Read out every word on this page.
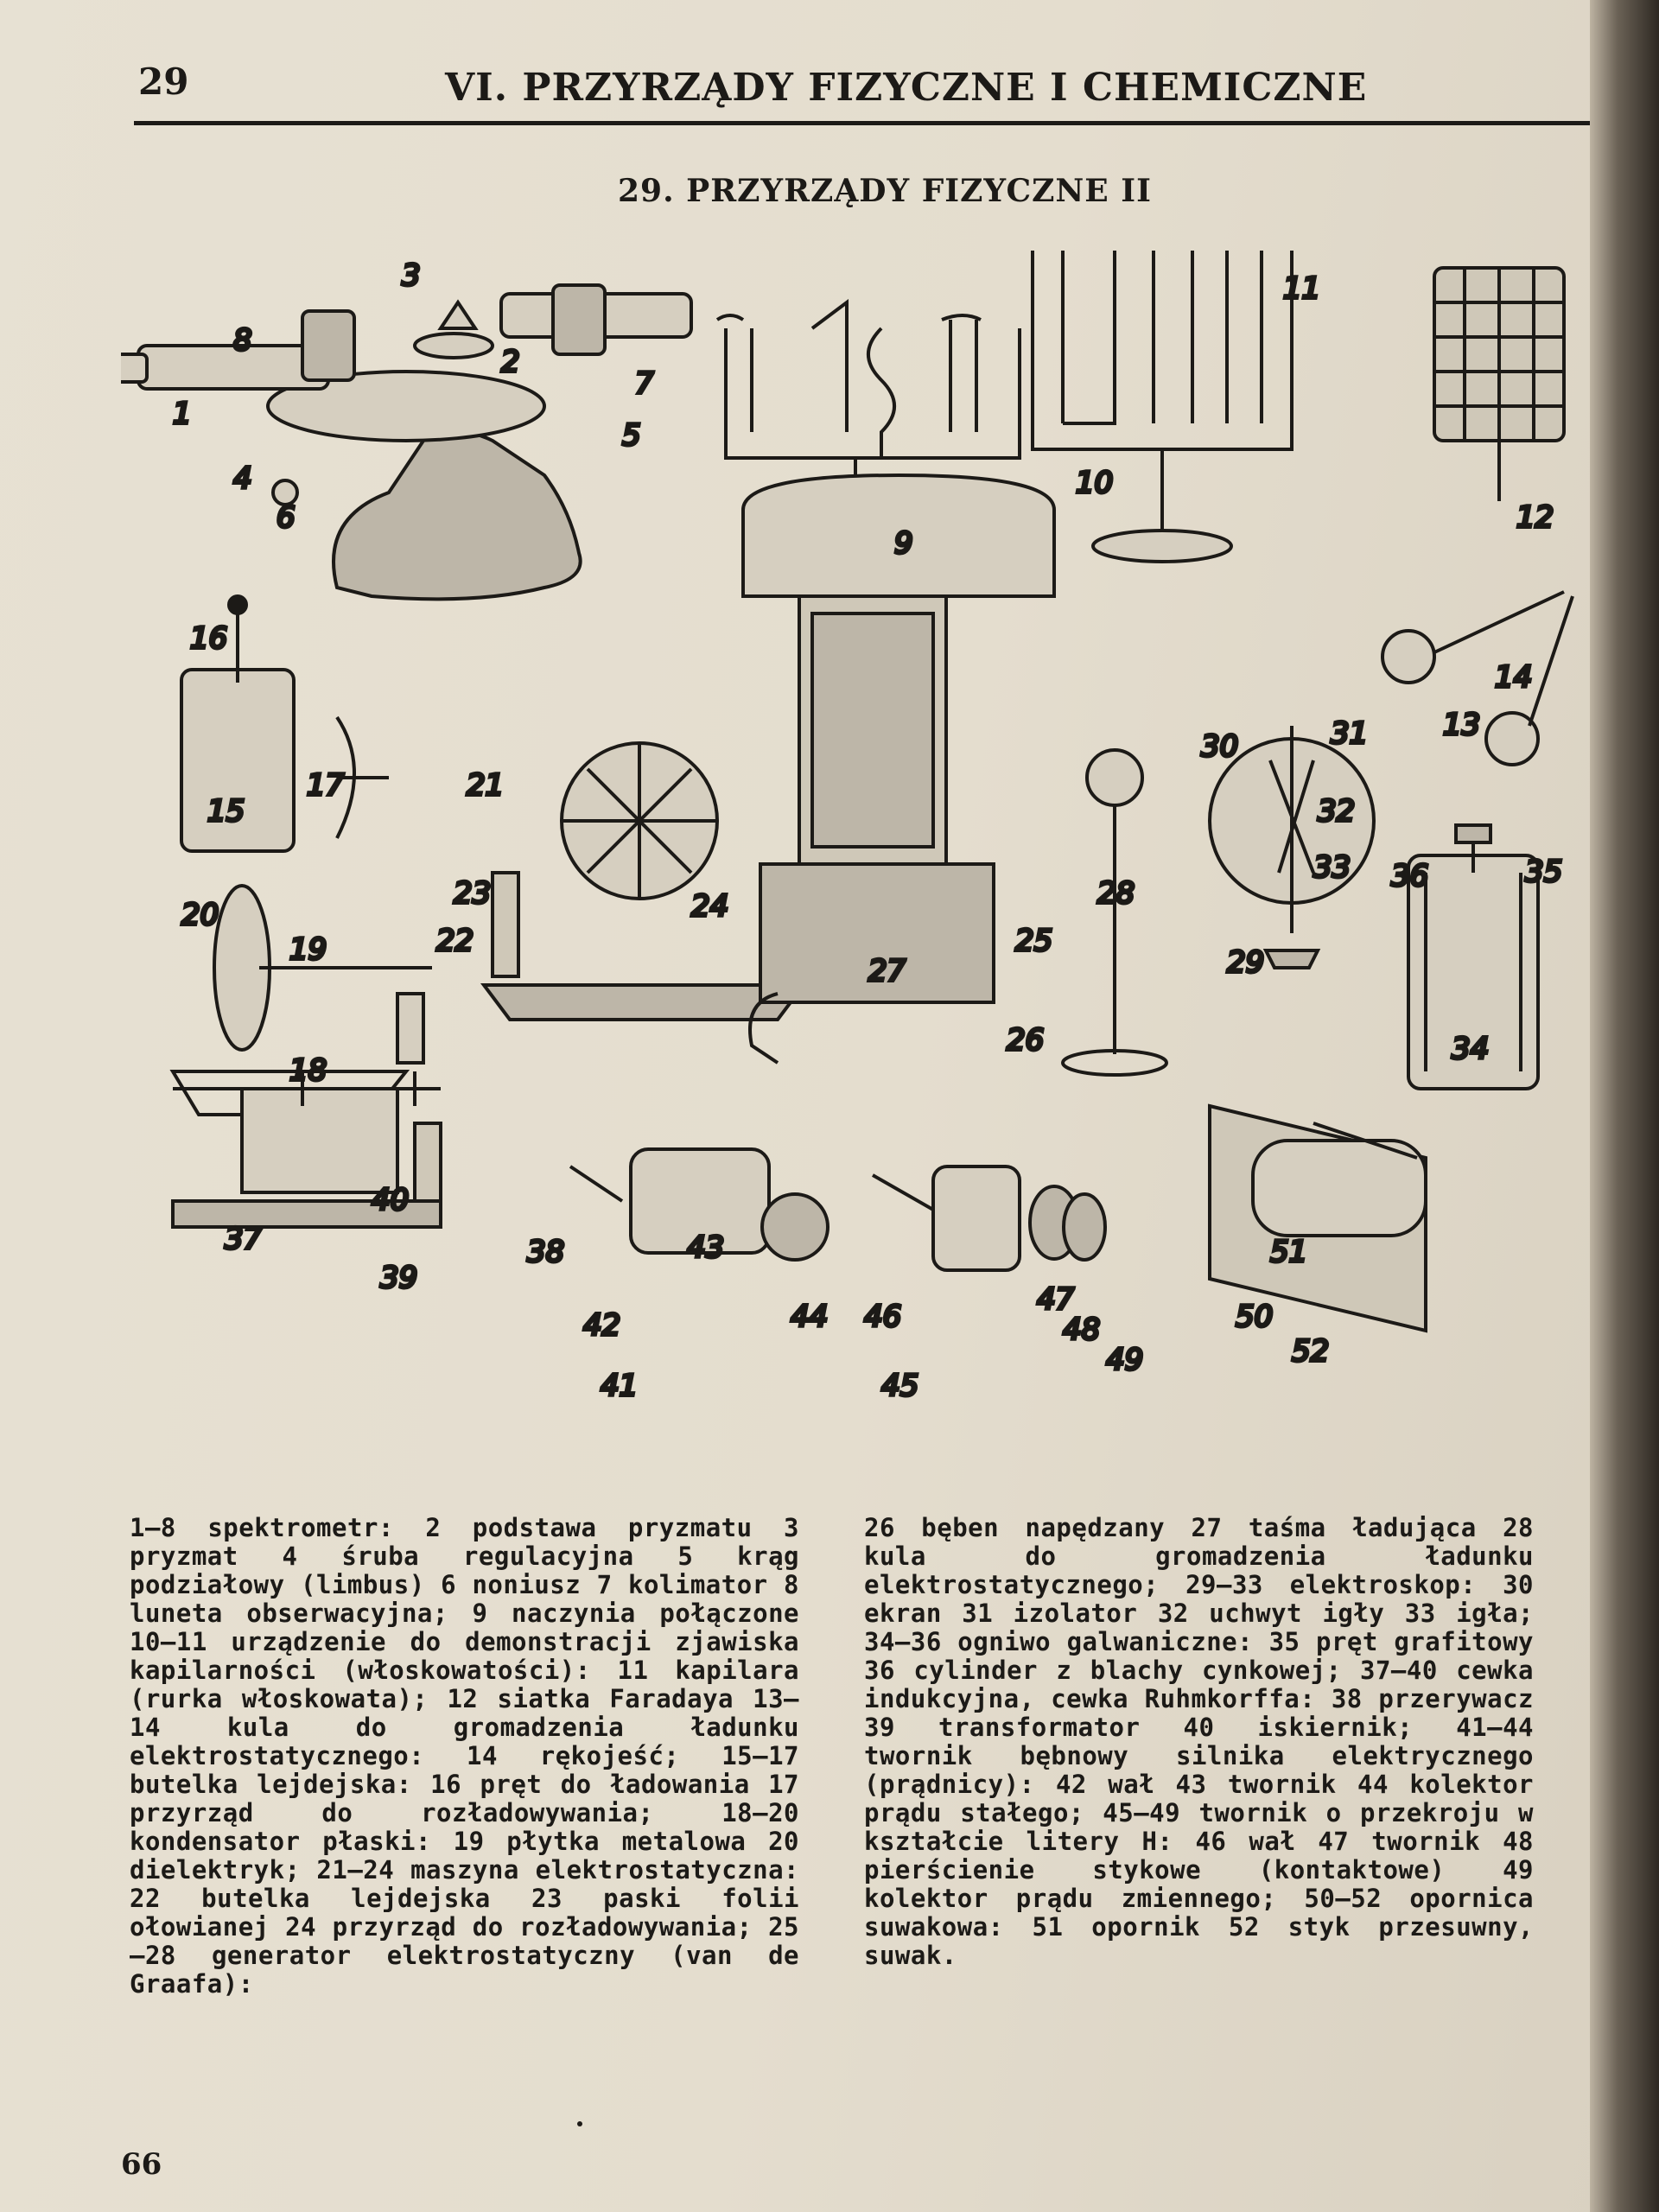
29	VI. PRZYRZĄDY FIZYCZNE I CHEMICZNE
29. PRZYRZĄDY FIZYCZNE II
1
2
3
4
5
6
7
8
9
10
11
12
13
14
15
16
17
18
19
20
21
22
23	24
25
26
27
28
29
30	31
32
33
34
35
36
37	38
39
40
41
42
43
44
45
46	47
48
49
50
51
52
1—8 spektrometr: 2 podstawa pryzmatu 3 pryzmat 4 śruba regulacyjna 5 krąg podziałowy (limbus) 6 noniusz 7 kolimator 8 luneta obserwacyjna; 9 naczynia połączone 10—11 urządzenie do demonstracji zjawiska kapilarności (włoskowatości): 11 kapilara (rurka włoskowata); 12 siatka Faradaya 13—14 kula do gromadzenia ładunku elektrostatycznego: 14 rękojeść; 15—17 butelka lejdejska: 16 pręt do ładowania 17 przyrząd do rozładowywania; 18—20 kondensator płaski: 19 płytka metalowa 20 dielektryk; 21—24 maszyna elektrostatyczna: 22 butelka lejdejska 23 paski folii ołowianej 24 przyrząd do rozładowywania; 25—28 generator elektrostatyczny (van de Graafa):
26 bęben napędzany 27 taśma ładująca 28 kula do gromadzenia ładunku elektrostatycznego; 29—33 elektroskop: 30 ekran 31 izolator 32 uchwyt igły 33 igła; 34—36 ogniwo galwaniczne: 35 pręt grafitowy 36 cylinder z blachy cynkowej; 37—40 cewka indukcyjna, cewka Ruhmkorffa: 38 przerywacz 39 transformator 40 iskiernik; 41—44 twornik bębnowy silnika elektrycznego (prądnicy): 42 wał 43 twornik 44 kolektor prądu stałego; 45—49 twornik o przekroju w kształcie litery H: 46 wał 47 twornik 48 pierścienie stykowe (kontaktowe) 49 kolektor prądu zmiennego; 50—52 opornica suwakowa: 51 opornik 52 styk przesuwny, suwak.
66
